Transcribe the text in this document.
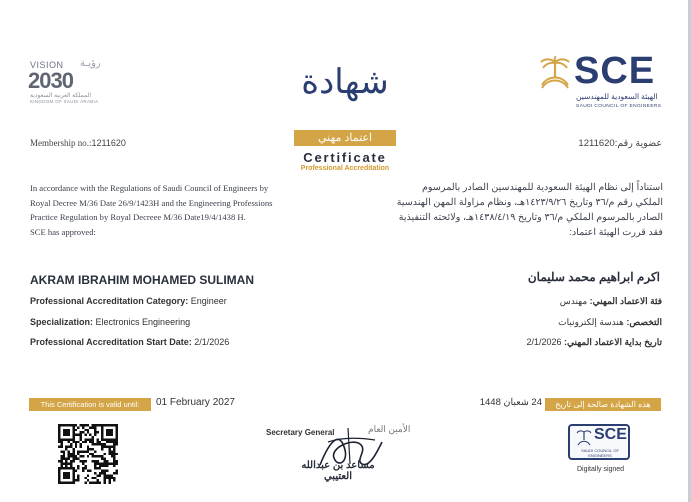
VISION رؤيـة
2030
المملكة العربية السعودية
KINGDOM OF SAUDI ARABIA
SCE
الهيئة السعودية للمهندسين
SAUDI COUNCIL OF ENGINEERS
شهادة
اعتماد مهني
Certificate
Professional Accreditation
Membership no.:1211620	عضوية رقم:1211620
In accordance with the Regulations of Saudi Council of Engineers by
Royal Decree M/36 Date 26/9/1423H and the Engineering Professions
Practice Regulation by Royal Decreee M/36 Date19/4/1438 H.
SCE has approved:
استناداً إلى نظام الهيئة السعودية للمهندسين الصادر بالمرسوم
الملكي رقم م/٣٦ وتاريخ ١٤٢٣/٩/٢٦هـ، ونظام مزاولة المهن الهندسية
الصادر بالمرسوم الملكي م/٣٦ وتاريخ ١٤٣٨/٤/١٩هـ، ولائحته التنفيذية
فقد قررت الهيئة اعتماد:
AKRAM IBRAHIM MOHAMED SULIMAN	اكرم ابراهيم محمد سليمان
Professional Accreditation Category: Engineer
Specialization: Electronics Engineering
Professional Accreditation Start Date: 2/1/2026
فئة الاعتماد المهني: مهندس
التخصص: هندسة إلكترونيات
تاريخ بداية الاعتماد المهني: 2/1/2026
This Certification is valid until:	01 February 2027	هذه الشهادة صالحة إلى تاريخ
24 شعبان 1448
Secretary General	الأمين العام
مساعد بن عبدالله العتيبي
SCE
SAUDI COUNCIL OF ENGINEERS
Digitally signed
